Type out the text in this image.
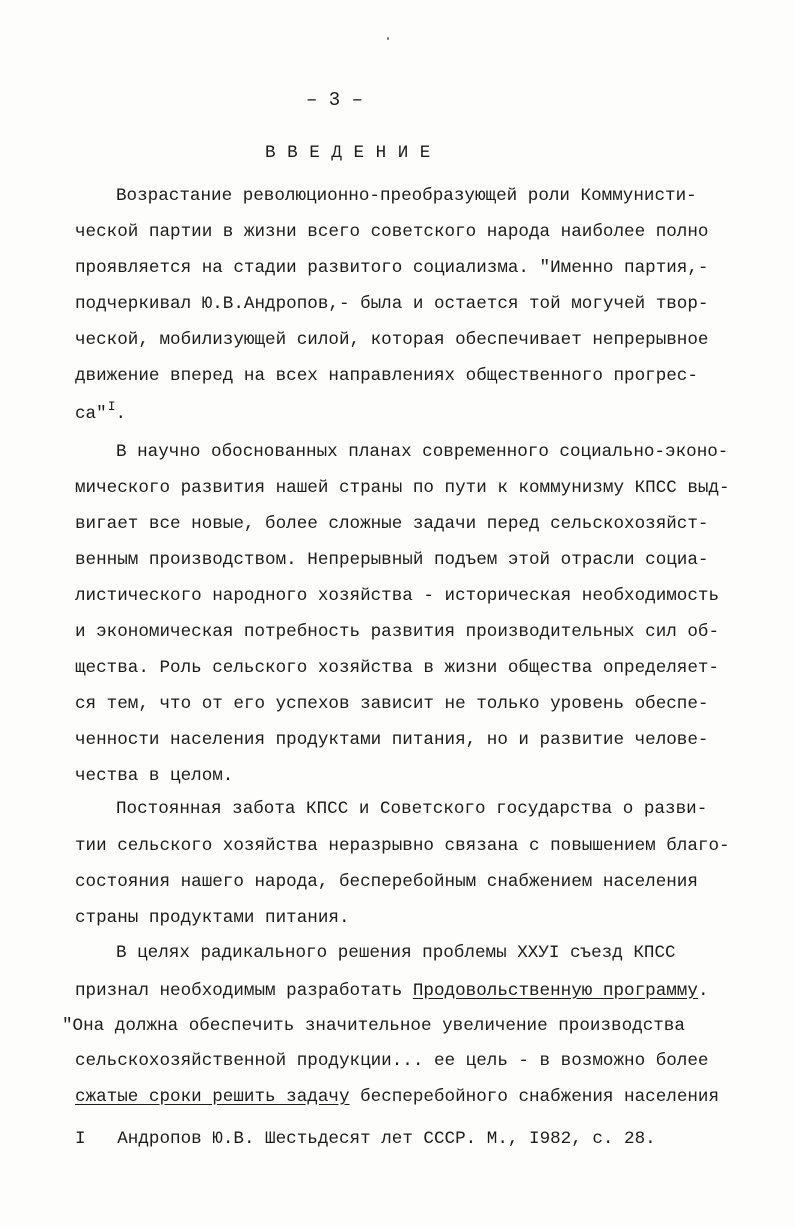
– 3 –
В В Е Д Е Н И Е
Возрастание революционно-преобразующей роли Коммунисти-
ческой партии в жизни всего советского народа наиболее полно
проявляется на стадии развитого социализма. "Именно партия,-
подчеркивал Ю.В.Андропов,- была и остается той могучей твор-
ческой, мобилизующей силой, которая обеспечивает непрерывное
движение вперед на всех направлениях общественного прогрес-
са"$^I$.
В научно обоснованных планах современного социально-эконо-
мического развития нашей страны по пути к коммунизму КПСС выд-
вигает все новые, более сложные задачи перед сельскохозяйст-
венным производством. Непрерывный подъем этой отрасли социа-
листического народного хозяйства - историческая необходимость
и экономическая потребность развития производительных сил об-
щества. Роль сельского хозяйства в жизни общества определяет-
ся тем, что от его успехов зависит не только уровень обеспе-
ченности населения продуктами питания, но и развитие челове-
чества в целом.
Постоянная забота КПСС и Советского государства о разви-
тии сельского хозяйства неразрывно связана с повышением благо-
состояния нашего народа, бесперебойным снабжением населения
страны продуктами питания.
В целях радикального решения проблемы ХХУI съезд КПСС
признал необходимым разработать Продовольственную программу.
"Она должна обеспечить значительное увеличение производства
сельскохозяйственной продукции... ее цель - в возможно более
сжатые сроки решить задачу бесперебойного снабжения населения
I Андропов Ю.В. Шестьдесят лет СССР. М., I982, с. 28.
